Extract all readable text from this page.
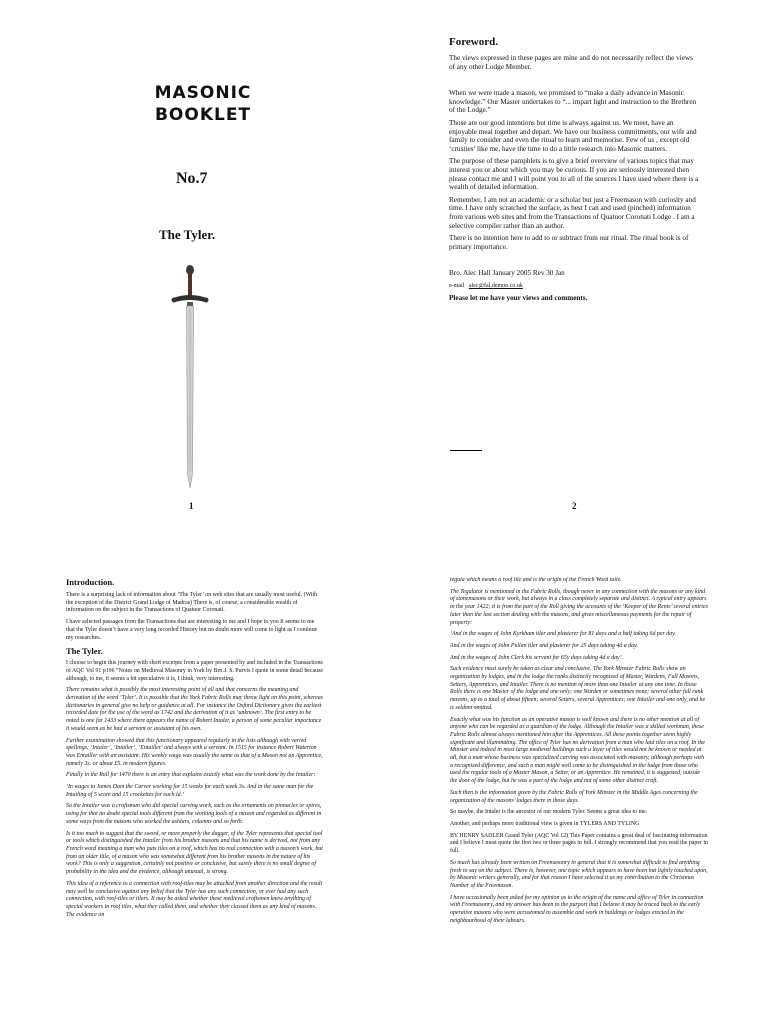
MASONIC
BOOKLET
No.7
The Tyler.
1
Foreword.

The views expressed in these pages are mine and do not necessarily reflect the views of any other Lodge Member.

When we were made a mason, we promised to “make a daily advance in Masonic knowledge.” Our Master undertakes to “... impart light and instruction to the Brethren of the Lodge.”

Those are our good intentions but time is always against us. We meet, have an enjoyable meal together and depart. We have our business commitments, our wife and family to consider and even the ritual to learn and memorise. Few of us , except old ‘crusties’ like me, have the time to do a little research into Masonic matters.

The purpose of these pamphlets is to give a brief overview of various topics that may interest you or about which you may be curious. If you are seriously interested then please contact me and I will point you to all of the sources I have used where there is a wealth of detailed information.

Remember, I am not an academic or a scholar but just a Freemason with curiosity and time. I have only scratched the surface, as best I can and used (pinched) information from various web sites and from the Transactions of Quatuor Coronati Lodge . I am a selective compiler rather than an author.

There is no intention here to add to or subtract from our ritual. The ritual book is of primary importance.

Bro. Alec Hall January 2005 Rev 30 Jan

e-mail alec@fal.demon.co.uk

Please let me have your views and comments.

2
Introduction.

There is a surprising lack of information about ‘The Tyler’ on web sites that are usually most useful. (With the exception of the District Grand Lodge of Madras) There is, of course, a considerable wealth of information on the subject in the Transactions of Quatuor Coronati.

I have selected passages from the Transactions that are interesting to me and I hope to you It seems to me that the Tyler doesn’t have a very long recorded History but no doubt more will come to light as I continue my researches.

The Tyler.

I choose to begin this journey with short excerpts from a paper presented by and included in the Transactions of AQC Vol 91 p196 “Notes on Medieval Masonry in York by Bro.J. S. Purvis I quote in some detail because although, to me, it seems a bit speculative it is, I think, very interesting.

There remains what is possibly the most interesting point of all and that concerns the meaning and derivation of the word ‘Tyler’. It is possible that the York Fabric Rolls may throw light on this point, whereas dictionaries in general give no help or guidance at all. For instance the Oxford Dictionary gives the earliest recorded date for the use of the word as 1742 and the derivation of it as ‘unknown’. The first entry to be noted is one for 1433 where there appears the name of Robert Intaler, a person of some peculiar importance it would seem as he had a servant or assistant of his own.

Further examination showed that this functionary appeared regularly in the lists although with varied spellings; ‘Intaler’, ‘Intailer’, ‘Entailler’ and always with a servant. In 1515 for instance Robert Waterton was Entailler with an assistant. His weekly wage was usually the same as that of a Mason not an Apprentice, namely 3s. or about £5. in modern figures.

Finally in the Roll for 1470 there is an entry that explains exactly what was the work done by the Intailer:

‘In wages to James Dam the Carver working for 15 weeks for each week 3s. And in the same man for the Intailing of 5 score and 15 crockettes for each ld.’

So the Intailer was a craftsman who did special carving work, such as the ornaments on pinnacles or spires, using for that no doubt special tools different from the working tools of a mason and regarded as different in some ways from the masons who worked the ashlars, columns and so forth.

Is it too much to suggest that the sword, or more properly the dagger, of the Tyler represents that special tool or tools which distinguished the Intailer from his brother masons and that his name is derived, not from any French word meaning a man who puts tiles on a roof, which has no real connection with a mason’s work, but from an older title, of a mason who was somewhat different from his brother masons in the nature of his work? This is only a suggestion, certainly not positive or conclusive, but surely there is no small degree of probability in the idea and the evidence, although unusual, is strong.

This idea of a reference to a connection with roof-tiles may be attached from another direction and the result may well be conclusive against any belief that the Tyler has any such connection, or ever had any such connection, with roof-tiles or tilers. It may be asked whether these medieval craftsmen knew anything of special workers in roof tiles, what they called them, and whether they classed them as any kind of masons. The evidence on

tegula which means a roof tile and is the origin of the French Word tuile.

The Tegulator is mentioned in the Fabric Rolls, though never in any connection with the masons or any kind of stonemasons or their work, but always in a class completely separate and distinct. A typical entry appears in the year 1422; it is from the part of the Roll giving the accounts of the ‘Keeper of the Rents’ several entries later than the last section dealing with the masons, and gives miscellaneous payments for the repair of property:

‘And in the wages of John Kyrkham tiler and plasterer for 81 days and a half taking 6d per day.

And in the wages of John Pullan tiler and plasterer for 25 days taking 4d a day.

And in the wages of John Clerk his servant for 65y days taking 4d a day’.

Such evidence must surely be taken as clear and conclusive. The York Minster Fabric Rolls show an organization by lodges, and in the lodge the ranks distinctly recognized of Master, Wardens, Full Masons, Setters, Apprentices, and Intailer. There is no mention of more than one Intailer at any one time. In those Rolls there is one Master of the lodge and one only; one Warden or sometimes none; several other full rank masons, up to a total of about fifteen; several Setters, several Apprentices; one Intailer and one only, and he is seldom omitted.

Exactly what was his function as an operative mason is well known and there is no other mention at all of anyone who can be regarded as a guardian of the lodge. Although the Intailer was a skilled workman, these Fabric Rolls almost always mentioned him after the Apprentices. All these points together seem highly significant and illuminating. The office of Tyler has no derivation from a man who laid tiles on a roof. In the Minster and indeed in most large medieval buildings such a layer of tiles would not be known or needed at all, but a man whose business was specialized carving was associated with masonry, although perhaps with a recognized difference, and such a man might well come to be distinguished in the lodge from those who used the regular tools of a Master Mason, a Setter, or an Apprentice. He remained, it is suggested, outside the door of the lodge, but he was a part of the lodge and not of some other distinct craft.

Such then is the information given by the Fabric Rolls of York Minster in the Middle Ages concerning the organization of the masons’ lodges there in those days.

So maybe, the Intaler is the ancestor of our modern Tyler. Seems a great idea to me.

Another, and perhaps more traditional view is given in TYLERS AND TYLING

BY HENRY SADLER Grand Tyler (AQC Vol 12) This Paper contains a great deal of fascinating information and I believe I must quote the first two or three pages in full. I strongly recommend that you read the paper in full.

So much has already been written on Freemasonry in general that it is somewhat difficult to find anything fresh to say on the subject. There is, however, one topic which appears to have been but lightly touched upon, by Masonic writers generally, and for that reason I have selected it as my contribution to the Christmas Number of the Freemason.

I have occasionally been asked for my opinion as to the origin of the name and office of Tyler in connection with Freemasonry, and my answer has been to the purport that I believe it may be traced back to the early operative masons who were accustomed to assemble and work in buildings or lodges erected in the neighbourhood of their labours.
